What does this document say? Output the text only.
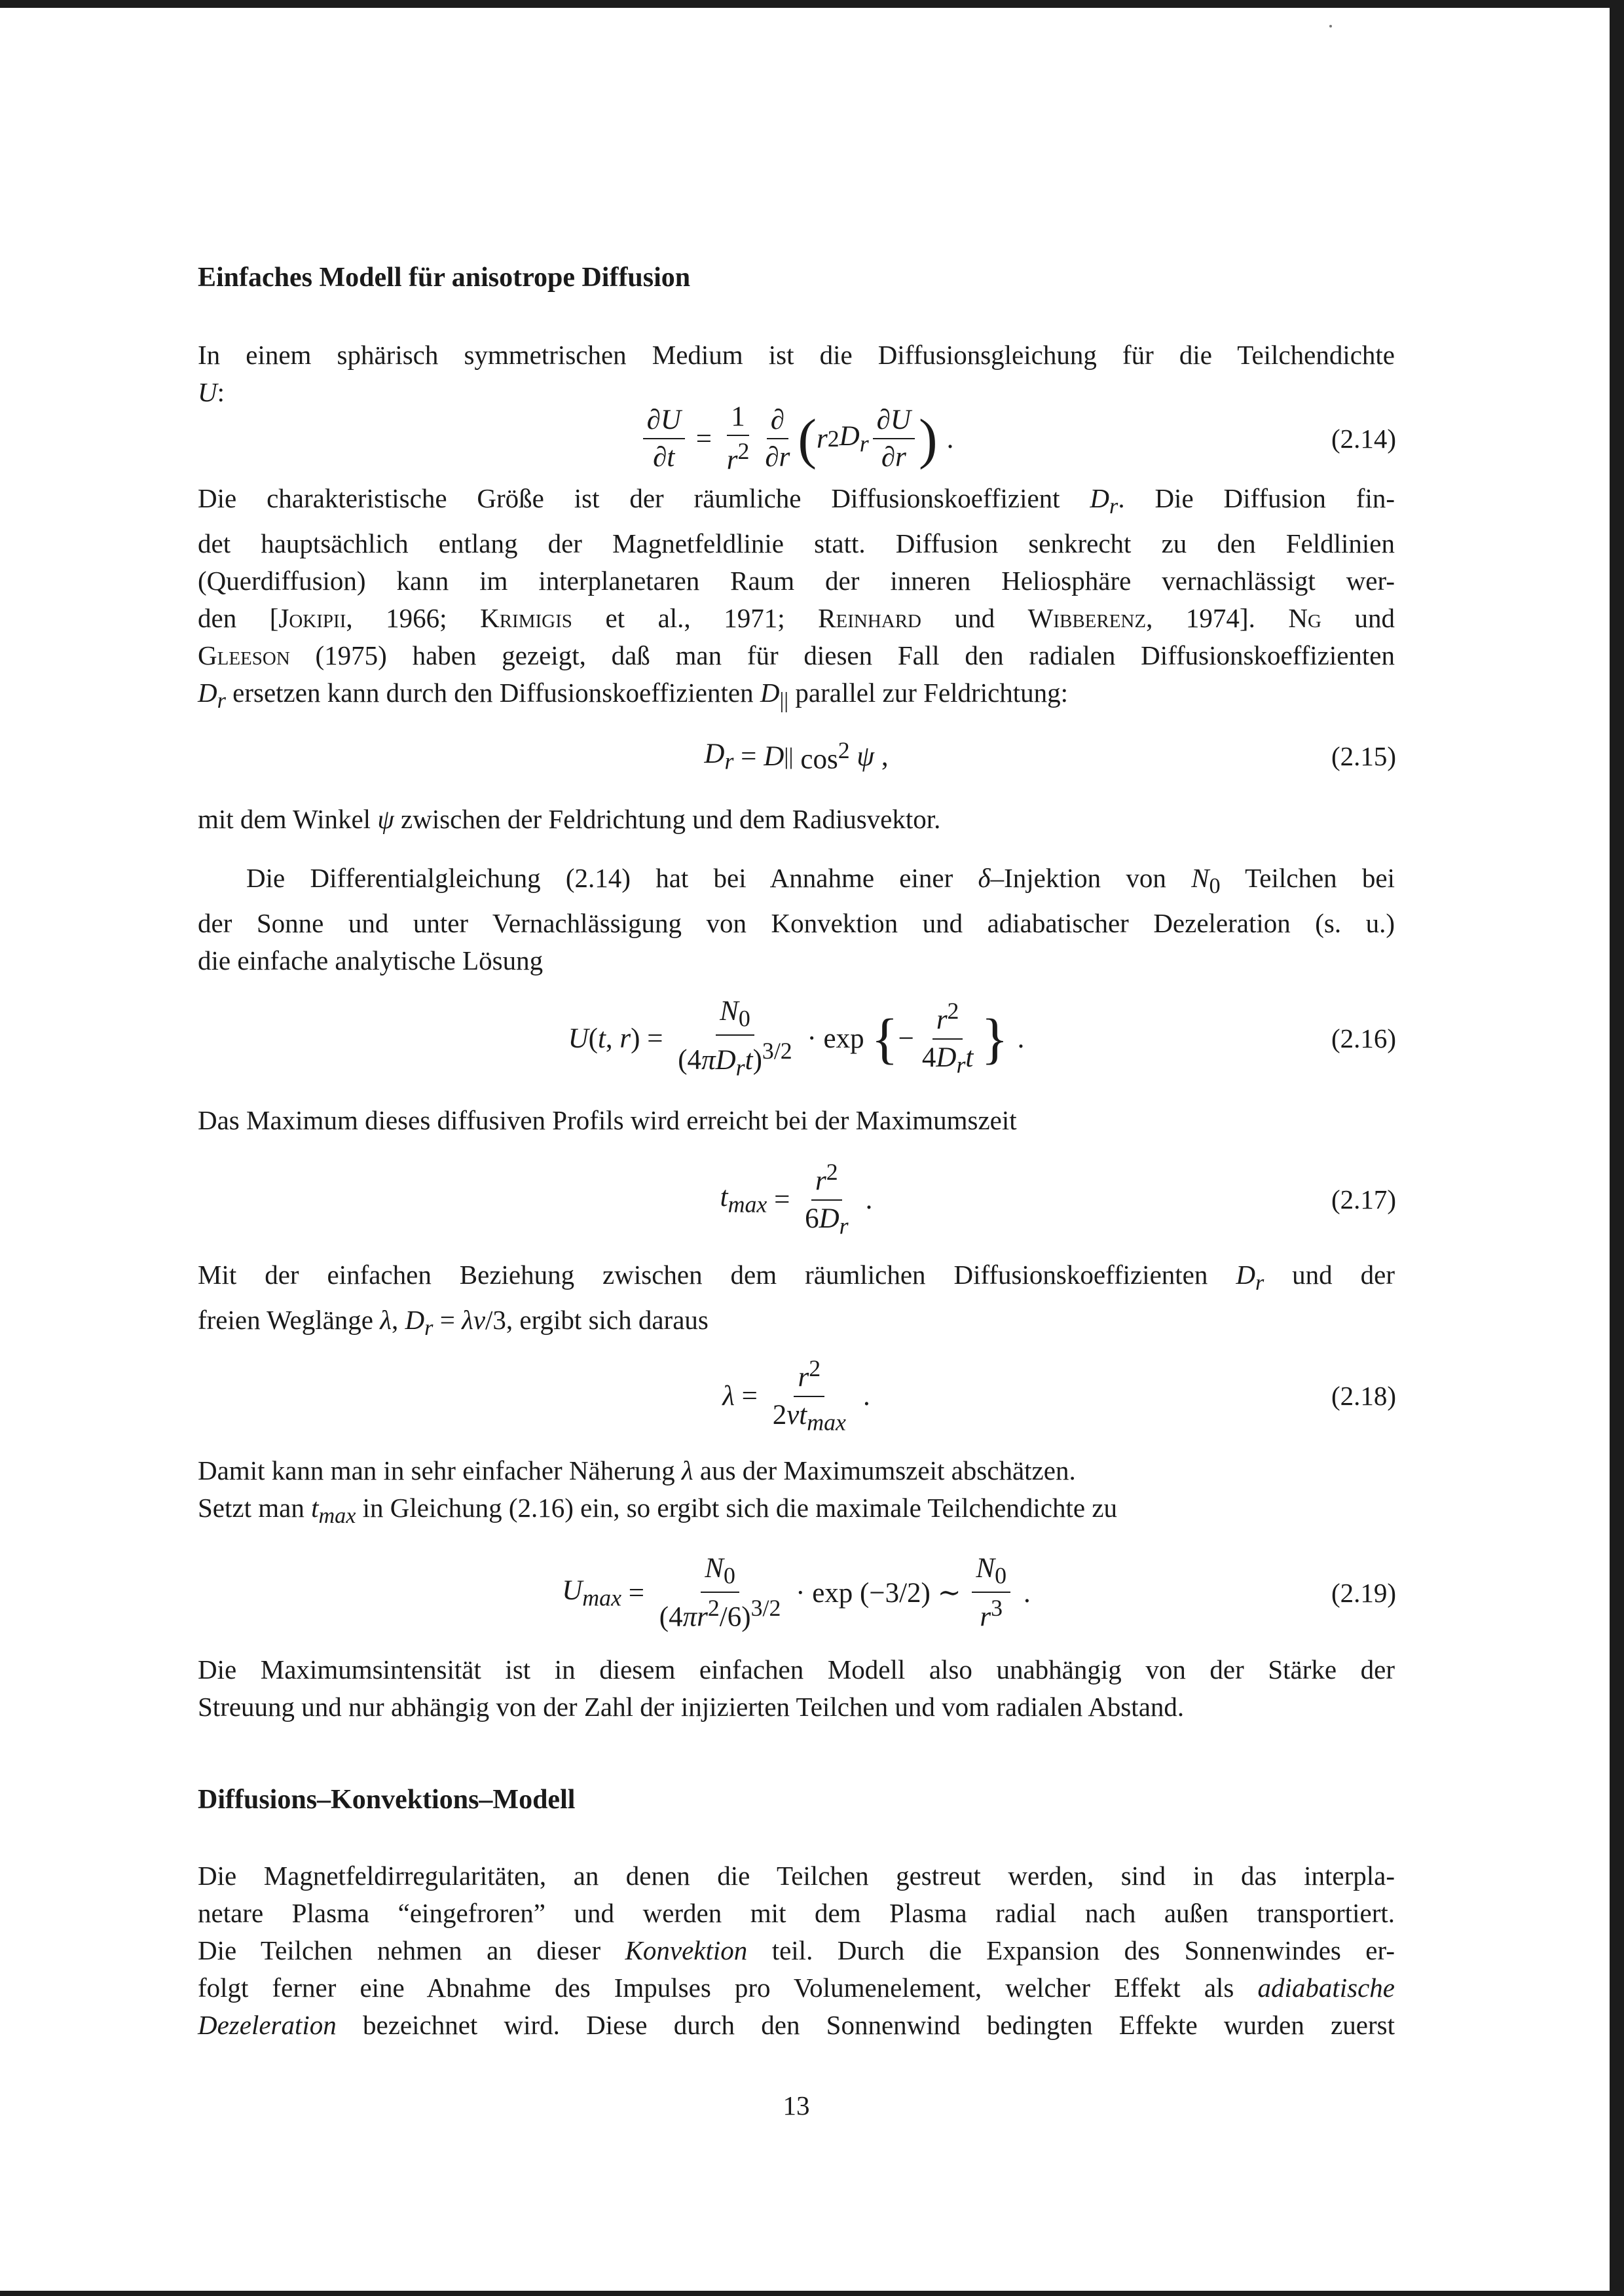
Einfaches Modell für anisotrope Diffusion
In einem sphärisch symmetrischen Medium ist die Diffusionsgleichung für die Teilchendichte
U:
$\frac{\partial U}{\partial t} = \frac{1}{r^2} \frac{\partial}{\partial r}$ ( r 2 $D_r \frac{\partial U}{\partial r}$ ) .	(2.14)
Die charakteristische Größe ist der räumliche Diffusionskoeffizient $D_r$. Die Diffusion fin-
det hauptsächlich entlang der Magnetfeldlinie statt. Diffusion senkrecht zu den Feldlinien
(Querdiffusion) kann im interplanetaren Raum der inneren Heliosphäre vernachlässigt wer-
den [Jokipii, 1966; Krimigis et al., 1971; Reinhard und Wibberenz, 1974]. Ng und
Gleeson (1975) haben gezeigt, daß man für diesen Fall den radialen Diffusionskoeffizienten
$D_r$ ersetzen kann durch den Diffusionskoeffizienten $D_{||}$ parallel zur Feldrichtung:
$D_r = D$ || $\cos^2 \psi$ ,	(2.15)
mit dem Winkel ψ zwischen der Feldrichtung und dem Radiusvektor.
Die Differentialgleichung (2.14) hat bei Annahme einer δ–Injektion von $N_0$ Teilchen bei
der Sonne und unter Vernachlässigung von Konvektion und adiabatischer Dezeleration (s. u.)
die einfache analytische Lösung
U ( t , r ) = $\frac{N_0}{(4\pi D_rt)^{3/2}} \cdot \exp$ { − $\frac{r^2}{4D_rt}$ } .	(2.16)
Das Maximum dieses diffusiven Profils wird erreicht bei der Maximumszeit
$t_{max} = \frac{r^2}{6D_r}$ .	(2.17)
Mit der einfachen Beziehung zwischen dem räumlichen Diffusionskoeffizienten $D_r$ und der
freien Weglänge λ, $D_r = \lambda v/3$, ergibt sich daraus
$\lambda = \frac{r^2}{2vt_{max}}$ .	(2.18)
Damit kann man in sehr einfacher Näherung λ aus der Maximumszeit abschätzen.
Setzt man $t_{max}$ in Gleichung (2.16) ein, so ergibt sich die maximale Teilchendichte zu
$U_{max} = \frac{N_0}{(4\pi r^2/6)^{3/2}} \cdot \exp (-3/2)$ ∼ $\frac{N_0}{r^3}$ .	(2.19)
Die Maximumsintensität ist in diesem einfachen Modell also unabhängig von der Stärke der
Streuung und nur abhängig von der Zahl der injizierten Teilchen und vom radialen Abstand.
Diffusions–Konvektions–Modell
Die Magnetfeldirregularitäten, an denen die Teilchen gestreut werden, sind in das interpla-
netare Plasma “eingefroren” und werden mit dem Plasma radial nach außen transportiert.
Die Teilchen nehmen an dieser Konvektion teil. Durch die Expansion des Sonnenwindes er-
folgt ferner eine Abnahme des Impulses pro Volumenelement, welcher Effekt als adiabatische
Dezeleration bezeichnet wird. Diese durch den Sonnenwind bedingten Effekte wurden zuerst
13
